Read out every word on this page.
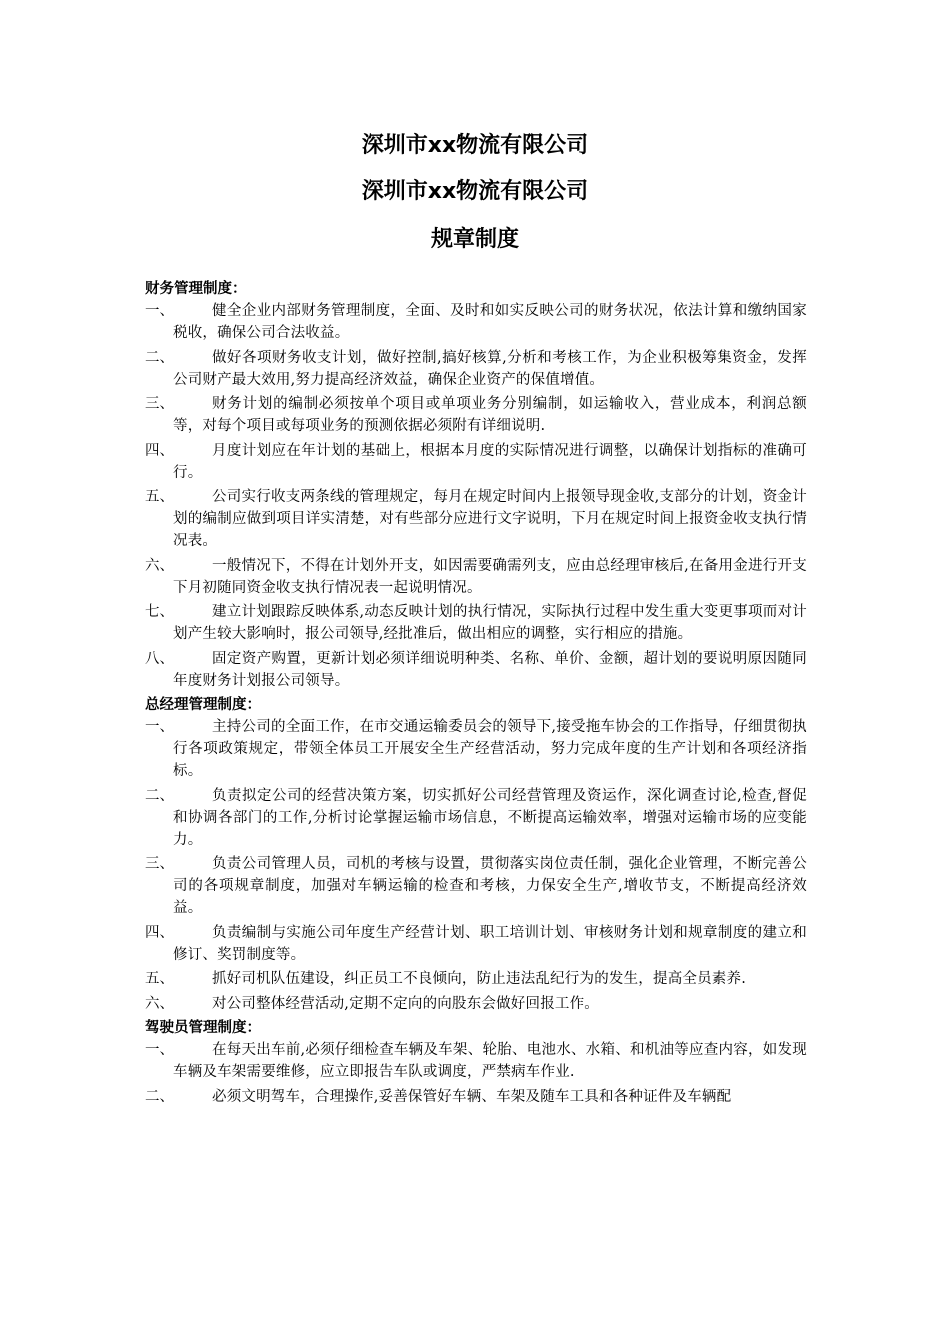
深圳市xx物流有限公司

深圳市xx物流有限公司

规章制度

财务管理制度：

一、	健全企业内部财务管理制度，全面、及时和如实反映公司的财务状况，依法计算和缴纳国家税收，确保公司合法收益。
二、	做好各项财务收支计划，做好控制,搞好核算,分析和考核工作，为企业积极筹集资金，发挥公司财产最大效用,努力提高经济效益，确保企业资产的保值增值。
三、	财务计划的编制必须按单个项目或单项业务分别编制，如运输收入，营业成本，利润总额等，对每个项目或每项业务的预测依据必须附有详细说明.
四、	月度计划应在年计划的基础上，根据本月度的实际情况进行调整，以确保计划指标的准确可行。
五、	公司实行收支两条线的管理规定，每月在规定时间内上报领导现金收,支部分的计划，资金计划的编制应做到项目详实清楚，对有些部分应进行文字说明，下月在规定时间上报资金收支执行情况表。
六、	一般情况下，不得在计划外开支，如因需要确需列支，应由总经理审核后,在备用金进行开支下月初随同资金收支执行情况表一起说明情况。
七、	建立计划跟踪反映体系,动态反映计划的执行情况，实际执行过程中发生重大变更事项而对计划产生较大影响时，报公司领导,经批准后，做出相应的调整，实行相应的措施。
八、	固定资产购置，更新计划必须详细说明种类、名称、单价、金额，超计划的要说明原因随同年度财务计划报公司领导。

总经理管理制度：

一、	主持公司的全面工作，在市交通运输委员会的领导下,接受拖车协会的工作指导，仔细贯彻执行各项政策规定，带领全体员工开展安全生产经营活动，努力完成年度的生产计划和各项经济指标。
二、	负责拟定公司的经营决策方案，切实抓好公司经营管理及资运作，深化调查讨论,检查,督促和协调各部门的工作,分析讨论掌握运输市场信息，不断提高运输效率，增强对运输市场的应变能力。
三、	负责公司管理人员，司机的考核与设置，贯彻落实岗位责任制，强化企业管理，不断完善公司的各项规章制度，加强对车辆运输的检查和考核，力保安全生产,增收节支，不断提高经济效益。
四、	负责编制与实施公司年度生产经营计划、职工培训计划、审核财务计划和规章制度的建立和修订、奖罚制度等。
五、	抓好司机队伍建设，纠正员工不良倾向，防止违法乱纪行为的发生，提高全员素养.
六、	对公司整体经营活动,定期不定向的向股东会做好回报工作。

驾驶员管理制度：

一、	在每天出车前,必须仔细检查车辆及车架、轮胎、电池水、水箱、和机油等应查内容，如发现车辆及车架需要维修，应立即报告车队或调度，严禁病车作业.
二、	必须文明驾车，合理操作,妥善保管好车辆、车架及随车工具和各种证件及车辆配
